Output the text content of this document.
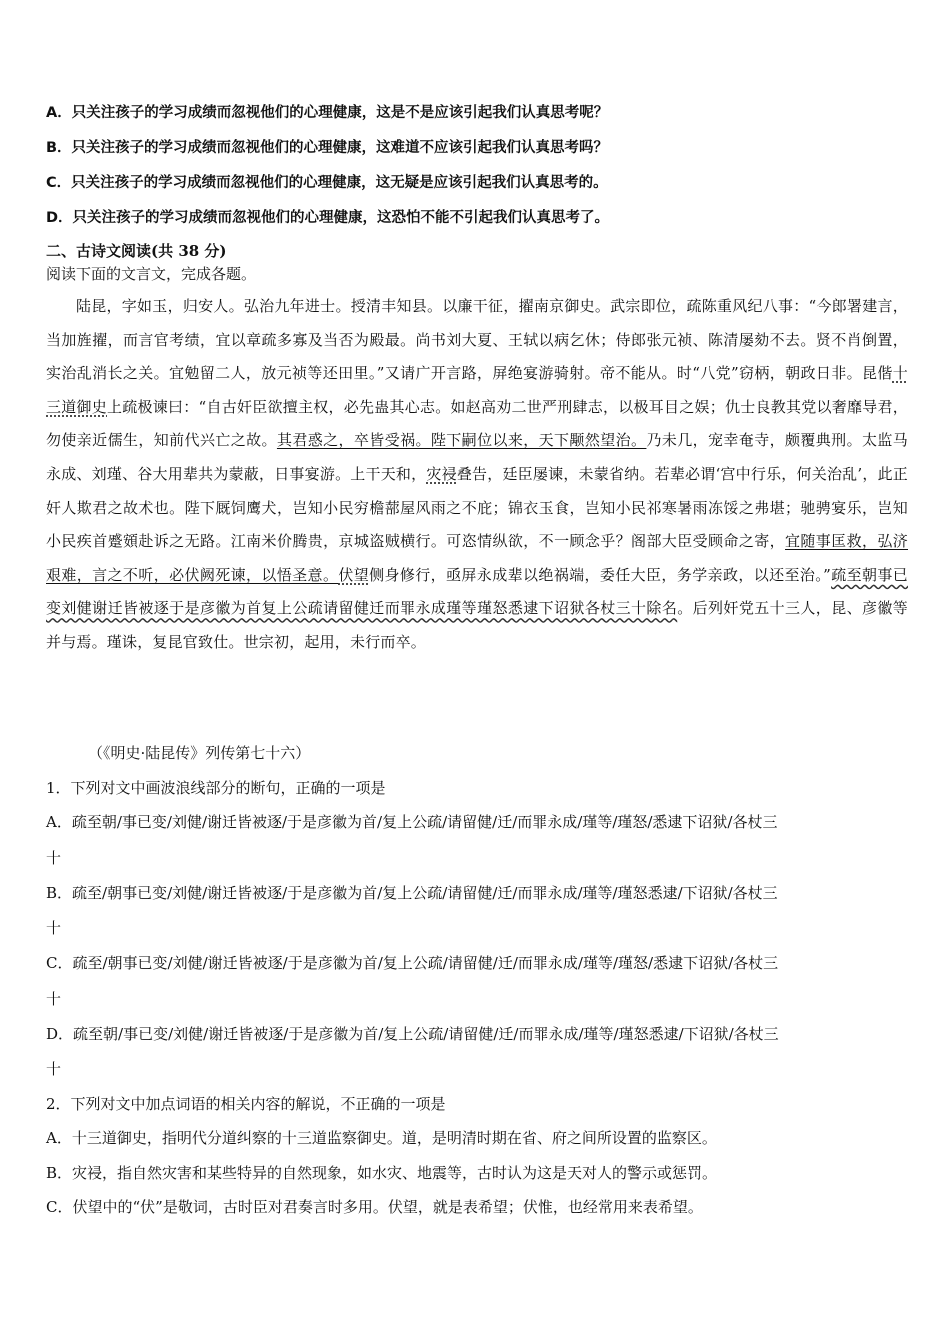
A．只关注孩子的学习成绩而忽视他们的心理健康，这是不是应该引起我们认真思考呢？
B．只关注孩子的学习成绩而忽视他们的心理健康，这难道不应该引起我们认真思考吗？
C．只关注孩子的学习成绩而忽视他们的心理健康，这无疑是应该引起我们认真思考的。
D．只关注孩子的学习成绩而忽视他们的心理健康，这恐怕不能不引起我们认真思考了。
二、古诗文阅读(共 38 分)
阅读下面的文言文，完成各题。
陆昆，字如玉，归安人。弘治九年进士。授清丰知县。以廉干征，擢南京御史。武宗即位，疏陈重风纪八事：“今郎署建言，当加旌擢，而言官考绩，宜以章疏多寡及当否为殿最。尚书刘大夏、王轼以病乞休；侍郎张元祯、陈清屡劾不去。贤不肖倒置，实治乱消长之关。宜勉留二人，放元祯等还田里。”又请广开言路，屏绝宴游骑射。帝不能从。时“八党”窃柄，朝政日非。昆偕十三道御史上疏极谏曰：“自古奸臣欲擅主权，必先蛊其心志。如赵高劝二世严刑肆志，以极耳目之娱；仇士良教其党以奢靡导君，勿使亲近儒生，知前代兴亡之故。其君惑之，卒皆受祸。陛下嗣位以来，天下颙然望治。乃未几，宠幸奄寺，颇覆典刑。太监马永成、刘瑾、谷大用辈共为蒙蔽，日事宴游。上干天和，灾祲叠告，廷臣屡谏，未蒙省纳。若辈必谓‘宫中行乐，何关治乱’，此正奸人欺君之故术也。陛下厩饲鹰犬，岂知小民穷檐蔀屋风雨之不庇；锦衣玉食，岂知小民祁寒暑雨冻馁之弗堪；驰骋宴乐，岂知小民疾首蹙頞赴诉之无路。江南米价腾贵，京城盗贼横行。可恣情纵欲，不一顾念乎？阁部大臣受顾命之寄，宜随事匡救，弘济艰难，言之不听，必伏阙死谏，以悟圣意。伏望侧身修行，亟屏永成辈以绝祸端，委任大臣，务学亲政，以还至治。”疏至朝事已变刘健谢迁皆被逐于是彦徽为首复上公疏请留健迁而罪永成瑾等瑾怒悉逮下诏狱各杖三十除名。后列奸党五十三人，昆、彦徽等并与焉。瑾诛，复昆官致仕。世宗初，起用，未行而卒。
（《明史·陆昆传》列传第七十六）
1．下列对文中画波浪线部分的断句，正确的一项是
A．疏至朝/事已变/刘健/谢迁皆被逐/于是彦徽为首/复上公疏/请留健/迁/而罪永成/瑾等/瑾怒/悉逮下诏狱/各杖三
十
B．疏至/朝事已变/刘健/谢迁皆被逐/于是彦徽为首/复上公疏/请留健/迁/而罪永成/瑾等/瑾怒悉逮/下诏狱/各杖三
十
C．疏至/朝事已变/刘健/谢迁皆被逐/于是彦徽为首/复上公疏/请留健/迁/而罪永成/瑾等/瑾怒/悉逮下诏狱/各杖三
十
D．疏至朝/事已变/刘健/谢迁皆被逐/于是彦徽为首/复上公疏/请留健/迁/而罪永成/瑾等/瑾怒悉逮/下诏狱/各杖三
十
2．下列对文中加点词语的相关内容的解说，不正确的一项是
A．十三道御史，指明代分道纠察的十三道监察御史。道，是明清时期在省、府之间所设置的监察区。
B．灾祲，指自然灾害和某些特异的自然现象，如水灾、地震等，古时认为这是天对人的警示或惩罚。
C．伏望中的“伏”是敬词，古时臣对君奏言时多用。伏望，就是表希望；伏惟，也经常用来表希望。
